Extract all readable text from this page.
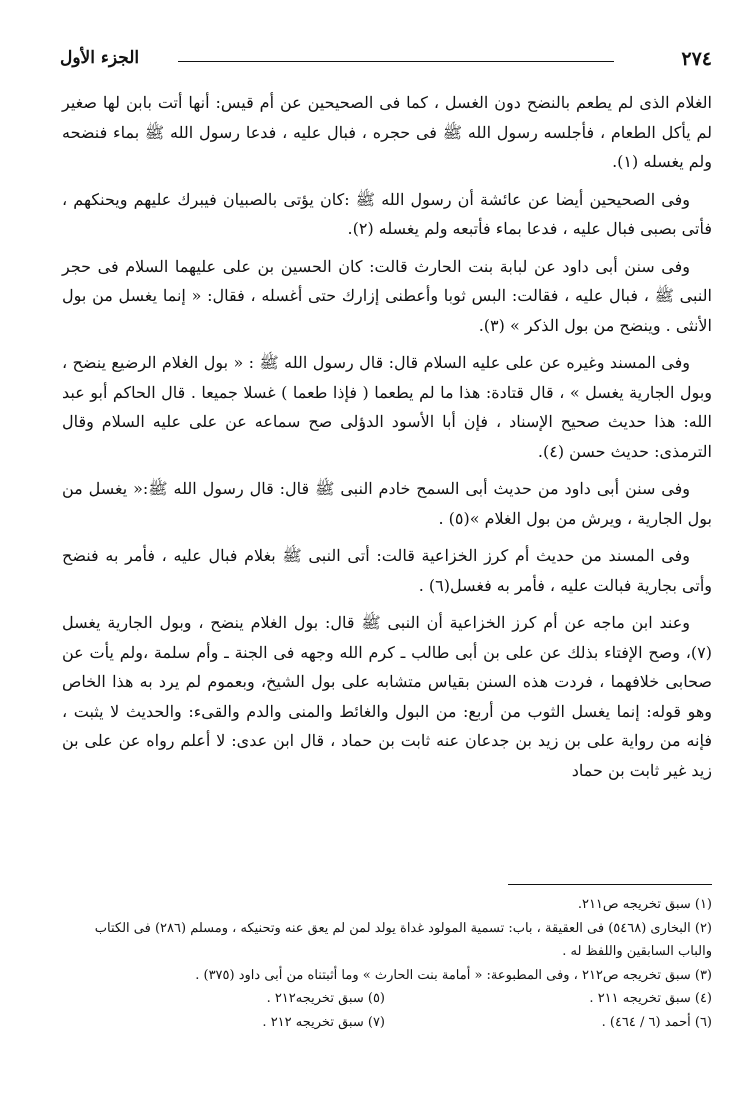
٢٧٤
الجزء الأول

الغلام الذى لم يطعم بالنضح دون الغسل ، كما فى الصحيحين عن أم قيس: أنها أتت بابن لها صغير لم يأكل الطعام ، فأجلسه رسول الله ﷺ فى حجره ، فبال عليه ، فدعا رسول الله ﷺ بماء فنضحه ولم يغسله (١).

وفى الصحيحين أيضا عن عائشة أن رسول الله ﷺ :كان يؤتى بالصبيان فيبرك عليهم ويحنكهم ، فأتى بصبى فبال عليه ، فدعا بماء فأتبعه ولم يغسله (٢).

وفى سنن أبى داود عن لبابة بنت الحارث قالت: كان الحسين بن على عليهما السلام فى حجر النبى ﷺ ، فبال عليه ، فقالت: البس ثوبا وأعطنى إزارك حتى أغسله ، فقال: « إنما يغسل من بول الأنثى . وينضح من بول الذكر » (٣).

وفى المسند وغيره عن على عليه السلام قال: قال رسول الله ﷺ : « بول الغلام الرضيع ينضح ، وبول الجارية يغسل » ، قال قتادة: هذا ما لم يطعما ( فإذا طعما ) غسلا جميعا . قال الحاكم أبو عبد الله: هذا حديث صحيح الإسناد ، فإن أبا الأسود الدؤلى صح سماعه عن على عليه السلام وقال الترمذى: حديث حسن (٤).

وفى سنن أبى داود من حديث أبى السمح خادم النبى ﷺ قال: قال رسول الله ﷺ:« يغسل من بول الجارية ، ويرش من بول الغلام »(٥) .

وفى المسند من حديث أم كرز الخزاعية قالت: أتى النبى ﷺ بغلام فبال عليه ، فأمر به فنضح وأتى بجارية فبالت عليه ، فأمر به فغسل(٦) .

وعند ابن ماجه عن أم كرز الخزاعية أن النبى ﷺ قال: بول الغلام ينضح ، وبول الجارية يغسل (٧)، وصح الإفتاء بذلك عن على بن أبى طالب ـ كرم الله وجهه فى الجنة ـ وأم سلمة ،ولم يأت عن صحابى خلافهما ، فردت هذه السنن بقياس متشابه على بول الشيخ، وبعموم لم يرد به هذا الخاص وهو قوله: إنما يغسل الثوب من أربع: من البول والغائط والمنى والدم والقىء: والحديث لا يثبت ، فإنه من رواية على بن زيد بن جدعان عنه ثابت بن حماد ، قال ابن عدى: لا أعلم رواه عن على بن زيد غير ثابت بن حماد

(١) سبق تخريجه ص٢١١.

(٢) البخارى (٥٤٦٨) فى العقيقة ، باب: تسمية المولود غداة يولد لمن لم يعق عنه وتحنيكه ، ومسلم (٢٨٦) فى الكتاب والباب السابقين واللفظ له .

(٣) سبق تخريجه ص٢١٢ ، وفى المطبوعة: « أمامة بنت الحارث » وما أثبتناه من أبى داود (٣٧٥) .

(٤) سبق تخريجه ٢١١ .

(٥) سبق تخريجه٢١٢ .

(٦) أحمد (٦ / ٤٦٤) .

(٧) سبق تخريجه ٢١٢ .
